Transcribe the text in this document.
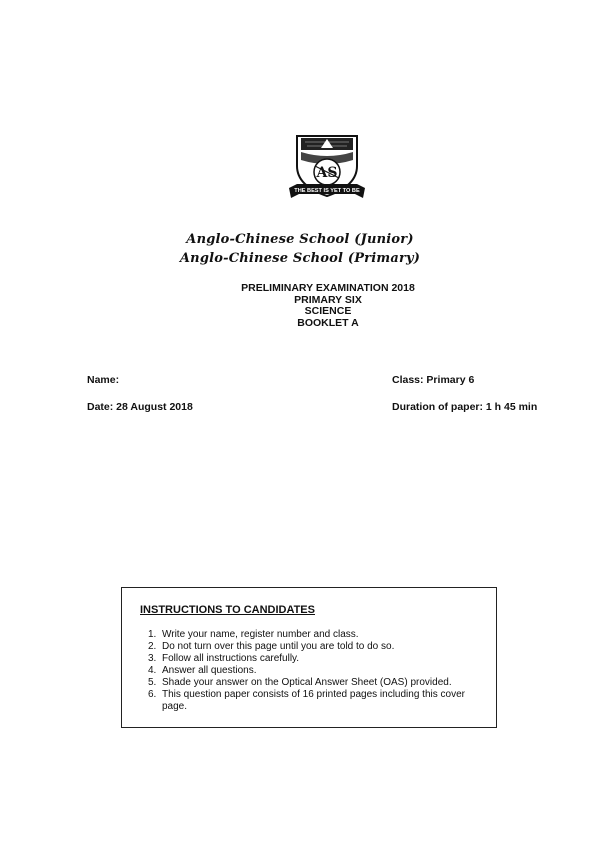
AS
THE BEST IS YET TO BE
Anglo-Chinese School (Junior)
Anglo-Chinese School (Primary)
PRELIMINARY EXAMINATION 2018
PRIMARY SIX
SCIENCE
BOOKLET A
Name:
Date: 28 August 2018
Class: Primary 6
Duration of paper: 1 h 45 min
INSTRUCTIONS TO CANDIDATES
1. Write your name, register number and class.
2. Do not turn over this page until you are told to do so.
3. Follow all instructions carefully.
4. Answer all questions.
5. Shade your answer on the Optical Answer Sheet (OAS) provided.
6. This question paper consists of 16 printed pages including this cover page.
